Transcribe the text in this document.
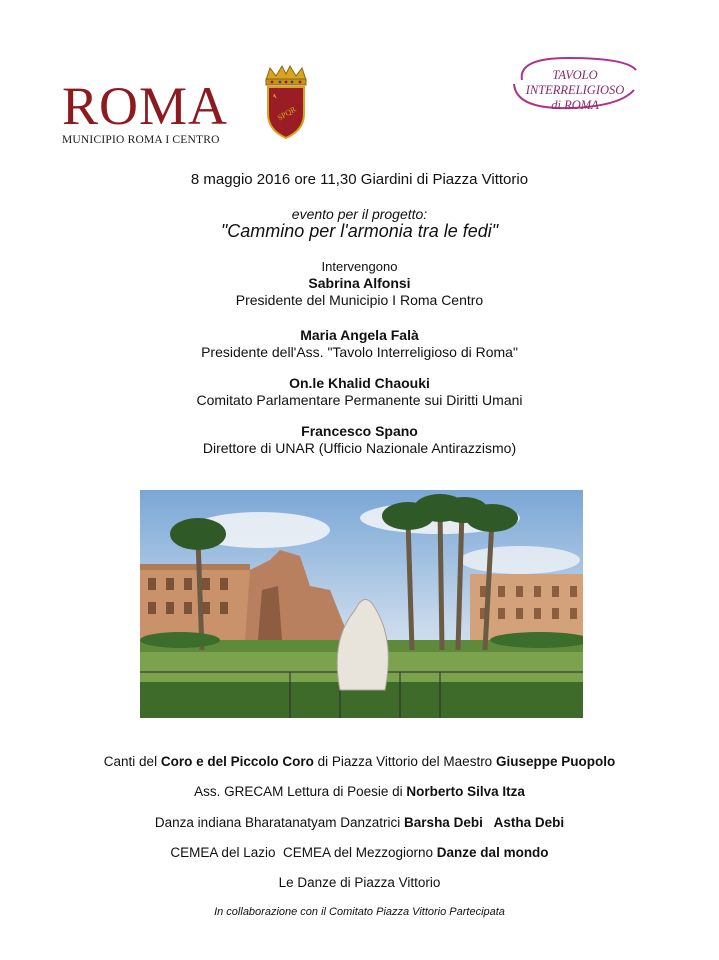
ROMA
MUNICIPIO ROMA I CENTRO
SPQR
TAVOLO INTERRELIGIOSO
di ROMA
8 maggio 2016 ore 11,30 Giardini di Piazza Vittorio
evento per il progetto:
"Cammino per l'armonia tra le fedi"
Intervengono
Sabrina Alfonsi
Presidente del Municipio I Roma Centro
Maria Angela Falà
Presidente dell'Ass. "Tavolo Interreligioso di Roma"
On.le Khalid Chaouki
Comitato Parlamentare Permanente sui Diritti Umani
Francesco Spano
Direttore di UNAR (Ufficio Nazionale Antirazzismo)
Canti del Coro e del Piccolo Coro di Piazza Vittorio del Maestro Giuseppe Puopolo
Ass. GRECAM Lettura di Poesie di Norberto Silva Itza
Danza indiana Bharatanatyam Danzatrici Barsha Debi   Astha Debi
CEMEA del Lazio  CEMEA del Mezzogiorno Danze dal mondo
Le Danze di Piazza Vittorio
In collaborazione con il Comitato Piazza Vittorio Partecipata
